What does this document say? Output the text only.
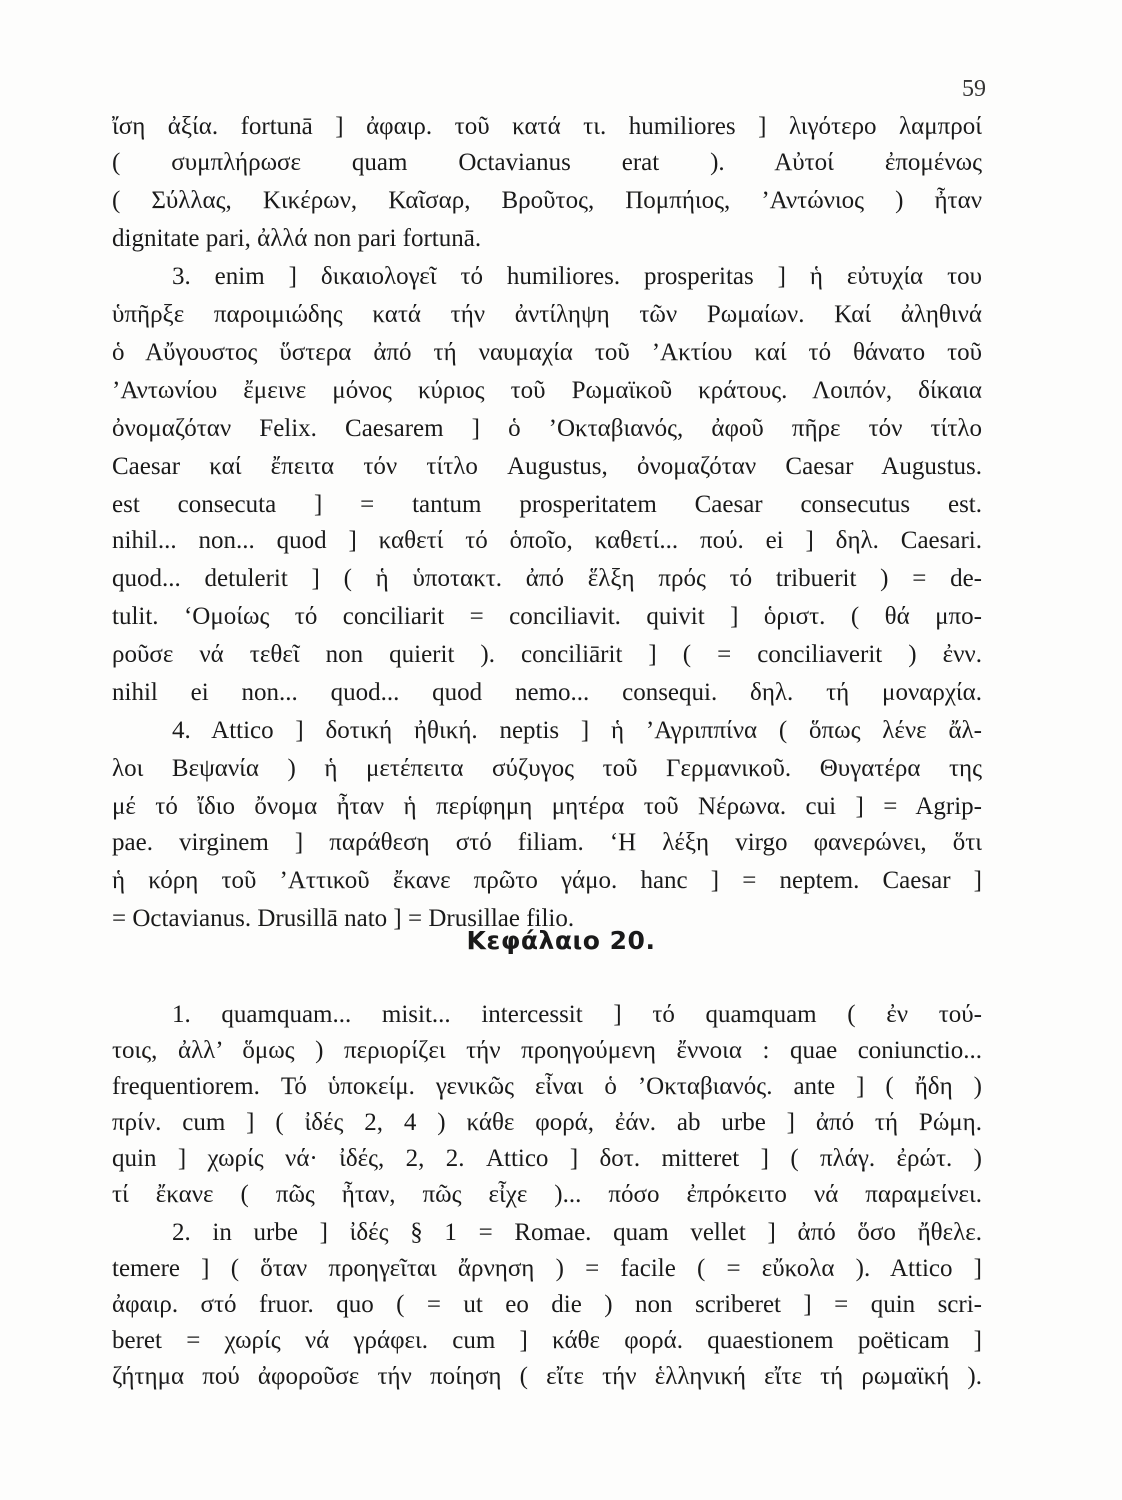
59
ἴση ἀξία. fortunā ] ἀφαιρ. τοῦ κατά τι. humiliores ] λιγότερο λαμπροί
( συμπλήρωσε quam Octavianus erat ). Αὐτοί ἐπομένως
( Σύλλας, Κικέρων, Καῖσαρ, Βροῦτος, Πομπήιος, ’Αντώνιος ) ἦταν
dignitate pari, ἀλλά non pari fortunā.
3. enim ] δικαιολογεῖ τό humiliores. prosperitas ] ἡ εὐτυχία του
ὑπῆρξε παροιμιώδης κατά τήν ἀντίληψη τῶν Ρωμαίων. Καί ἀληθινά
ὁ Αὔγουστος ὕστερα ἀπό τή ναυμαχία τοῦ ’Ακτίου καί τό θάνατο τοῦ
’Αντωνίου ἔμεινε μόνος κύριος τοῦ Ρωμαϊκοῦ κράτους. Λοιπόν, δίκαια
ὀνομαζόταν Felix. Caesarem ] ὁ ’Οκταβιανός, ἀφοῦ πῆρε τόν τίτλο
Caesar καί ἔπειτα τόν τίτλο Augustus, ὀνομαζόταν Caesar Augustus.
est consecuta ] = tantum prosperitatem Caesar consecutus est.
nihil... non... quod ] καθετί τό ὁποῖο, καθετί... πού. ei ] δηλ. Caesari.
quod... detulerit ] ( ἡ ὑποτακτ. ἀπό ἕλξη πρός τό tribuerit ) = de-
tulit. ‘Ομοίως τό conciliarit = conciliavit. quivit ] ὁριστ. ( θά μπο-
ροῦσε νά τεθεῖ non quierit ). conciliārit ] ( = conciliaverit ) ἐνν.
nihil ei non... quod... quod nemo... consequi. δηλ. τή μοναρχία.
4. Attico ] δοτική ἠθική. neptis ] ἡ ’Αγριππίνα ( ὅπως λένε ἄλ-
λοι Βεψανία ) ἡ μετέπειτα σύζυγος τοῦ Γερμανικοῦ. Θυγατέρα της
μέ τό ἴδιο ὄνομα ἦταν ἡ περίφημη μητέρα τοῦ Νέρωνα. cui ] = Agrip-
pae. virginem ] παράθεση στό filiam. ‘Η λέξη virgo φανερώνει, ὅτι
ἡ κόρη τοῦ ’Αττικοῦ ἔκανε πρῶτο γάμο. hanc ] = neptem. Caesar ]
= Octavianus. Drusillā nato ] = Drusillae filio.
Κεφάλαιο 20.
1. quamquam... misit... intercessit ] τό quamquam ( ἐν τού-
τοις, ἀλλ’ ὅμως ) περιορίζει τήν προηγούμενη ἔννοια : quae coniunctio...
frequentiorem. Τό ὑποκείμ. γενικῶς εἶναι ὁ ’Οκταβιανός. ante ] ( ἤδη )
πρίν. cum ] ( ἰδές 2, 4 ) κάθε φορά, ἐάν. ab urbe ] ἀπό τή Ρώμη.
quin ] χωρίς νά· ἰδές, 2, 2. Attico ] δοτ. mitteret ] ( πλάγ. ἐρώτ. )
τί ἔκανε ( πῶς ἦταν, πῶς εἶχε )... πόσο ἐπρόκειτο νά παραμείνει.
2. in urbe ] ἰδές § 1 = Romae. quam vellet ] ἀπό ὅσο ἤθελε.
temere ] ( ὅταν προηγεῖται ἄρνηση ) = facile ( = εὔκολα ). Attico ]
ἀφαιρ. στό fruor. quo ( = ut eo die ) non scriberet ] = quin scri-
beret = χωρίς νά γράφει. cum ] κάθε φορά. quaestionem poëticam ]
ζήτημα πού ἀφοροῦσε τήν ποίηση ( εἴτε τήν ἑλληνική εἴτε τή ρωμαϊκή ).
